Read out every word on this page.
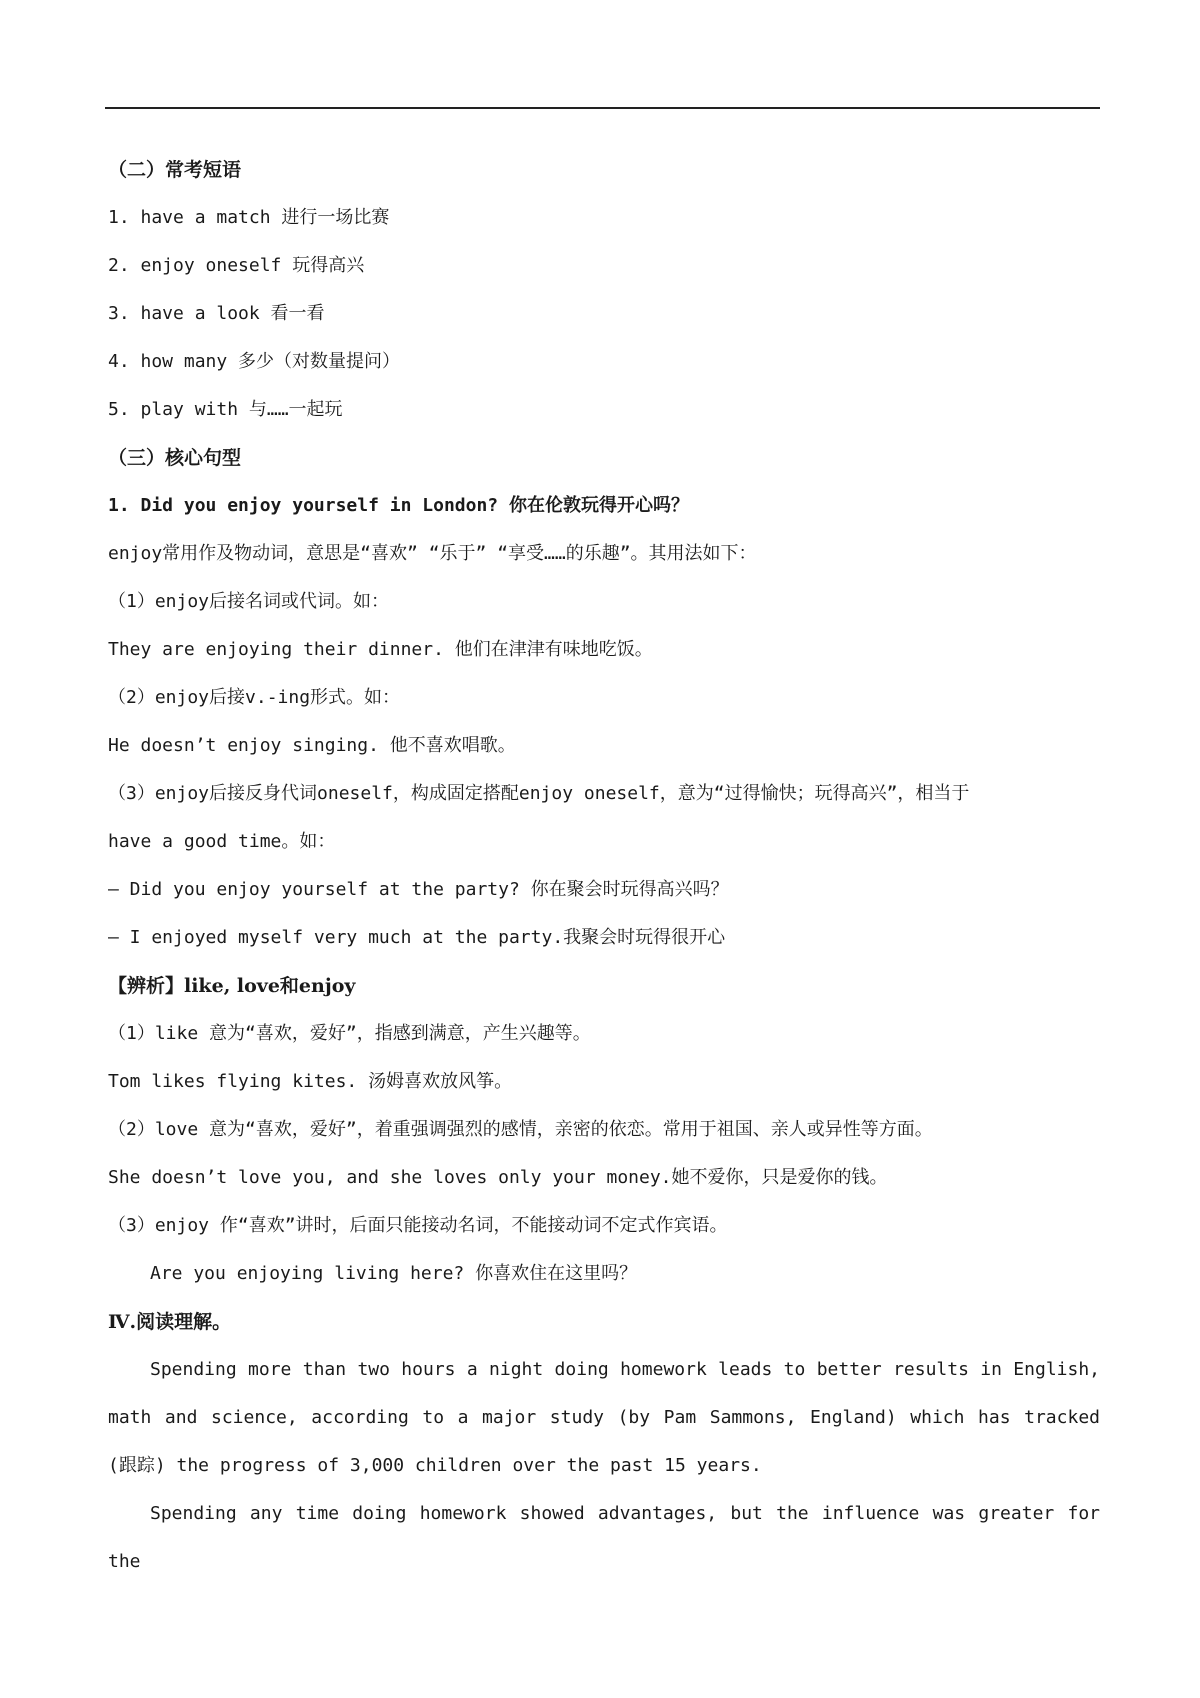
（二）常考短语
1. have a match 进行一场比赛
2. enjoy oneself 玩得高兴
3. have a look 看一看
4. how many 多少（对数量提问）
5. play with 与……一起玩
（三）核心句型
1. Did you enjoy yourself in London? 你在伦敦玩得开心吗？
enjoy常用作及物动词，意思是“喜欢” “乐于” “享受……的乐趣”。其用法如下：
（1）enjoy后接名词或代词。如：
They are enjoying their dinner. 他们在津津有味地吃饭。
（2）enjoy后接v.-ing形式。如：
He doesn’t enjoy singing. 他不喜欢唱歌。
（3）enjoy后接反身代词oneself，构成固定搭配enjoy oneself，意为“过得愉快；玩得高兴”，相当于
have a good time。如：
— Did you enjoy yourself at the party? 你在聚会时玩得高兴吗？
— I enjoyed myself very much at the party.我聚会时玩得很开心
【辨析】like, love和enjoy
（1）like 意为“喜欢，爱好”，指感到满意，产生兴趣等。
Tom likes flying kites. 汤姆喜欢放风筝。
（2）love 意为“喜欢，爱好”，着重强调强烈的感情，亲密的依恋。常用于祖国、亲人或异性等方面。
She doesn’t love you, and she loves only your money.她不爱你，只是爱你的钱。
（3）enjoy 作“喜欢”讲时，后面只能接动名词，不能接动词不定式作宾语。
Are you enjoying living here? 你喜欢住在这里吗？
Ⅳ.阅读理解。
Spending more than two hours a night doing homework leads to better results in English, math and science, according to a major study (by Pam Sammons, England) which has tracked (跟踪) the progress of 3,000 children over the past 15 years.
Spending any time doing homework showed advantages, but the influence was greater for the
